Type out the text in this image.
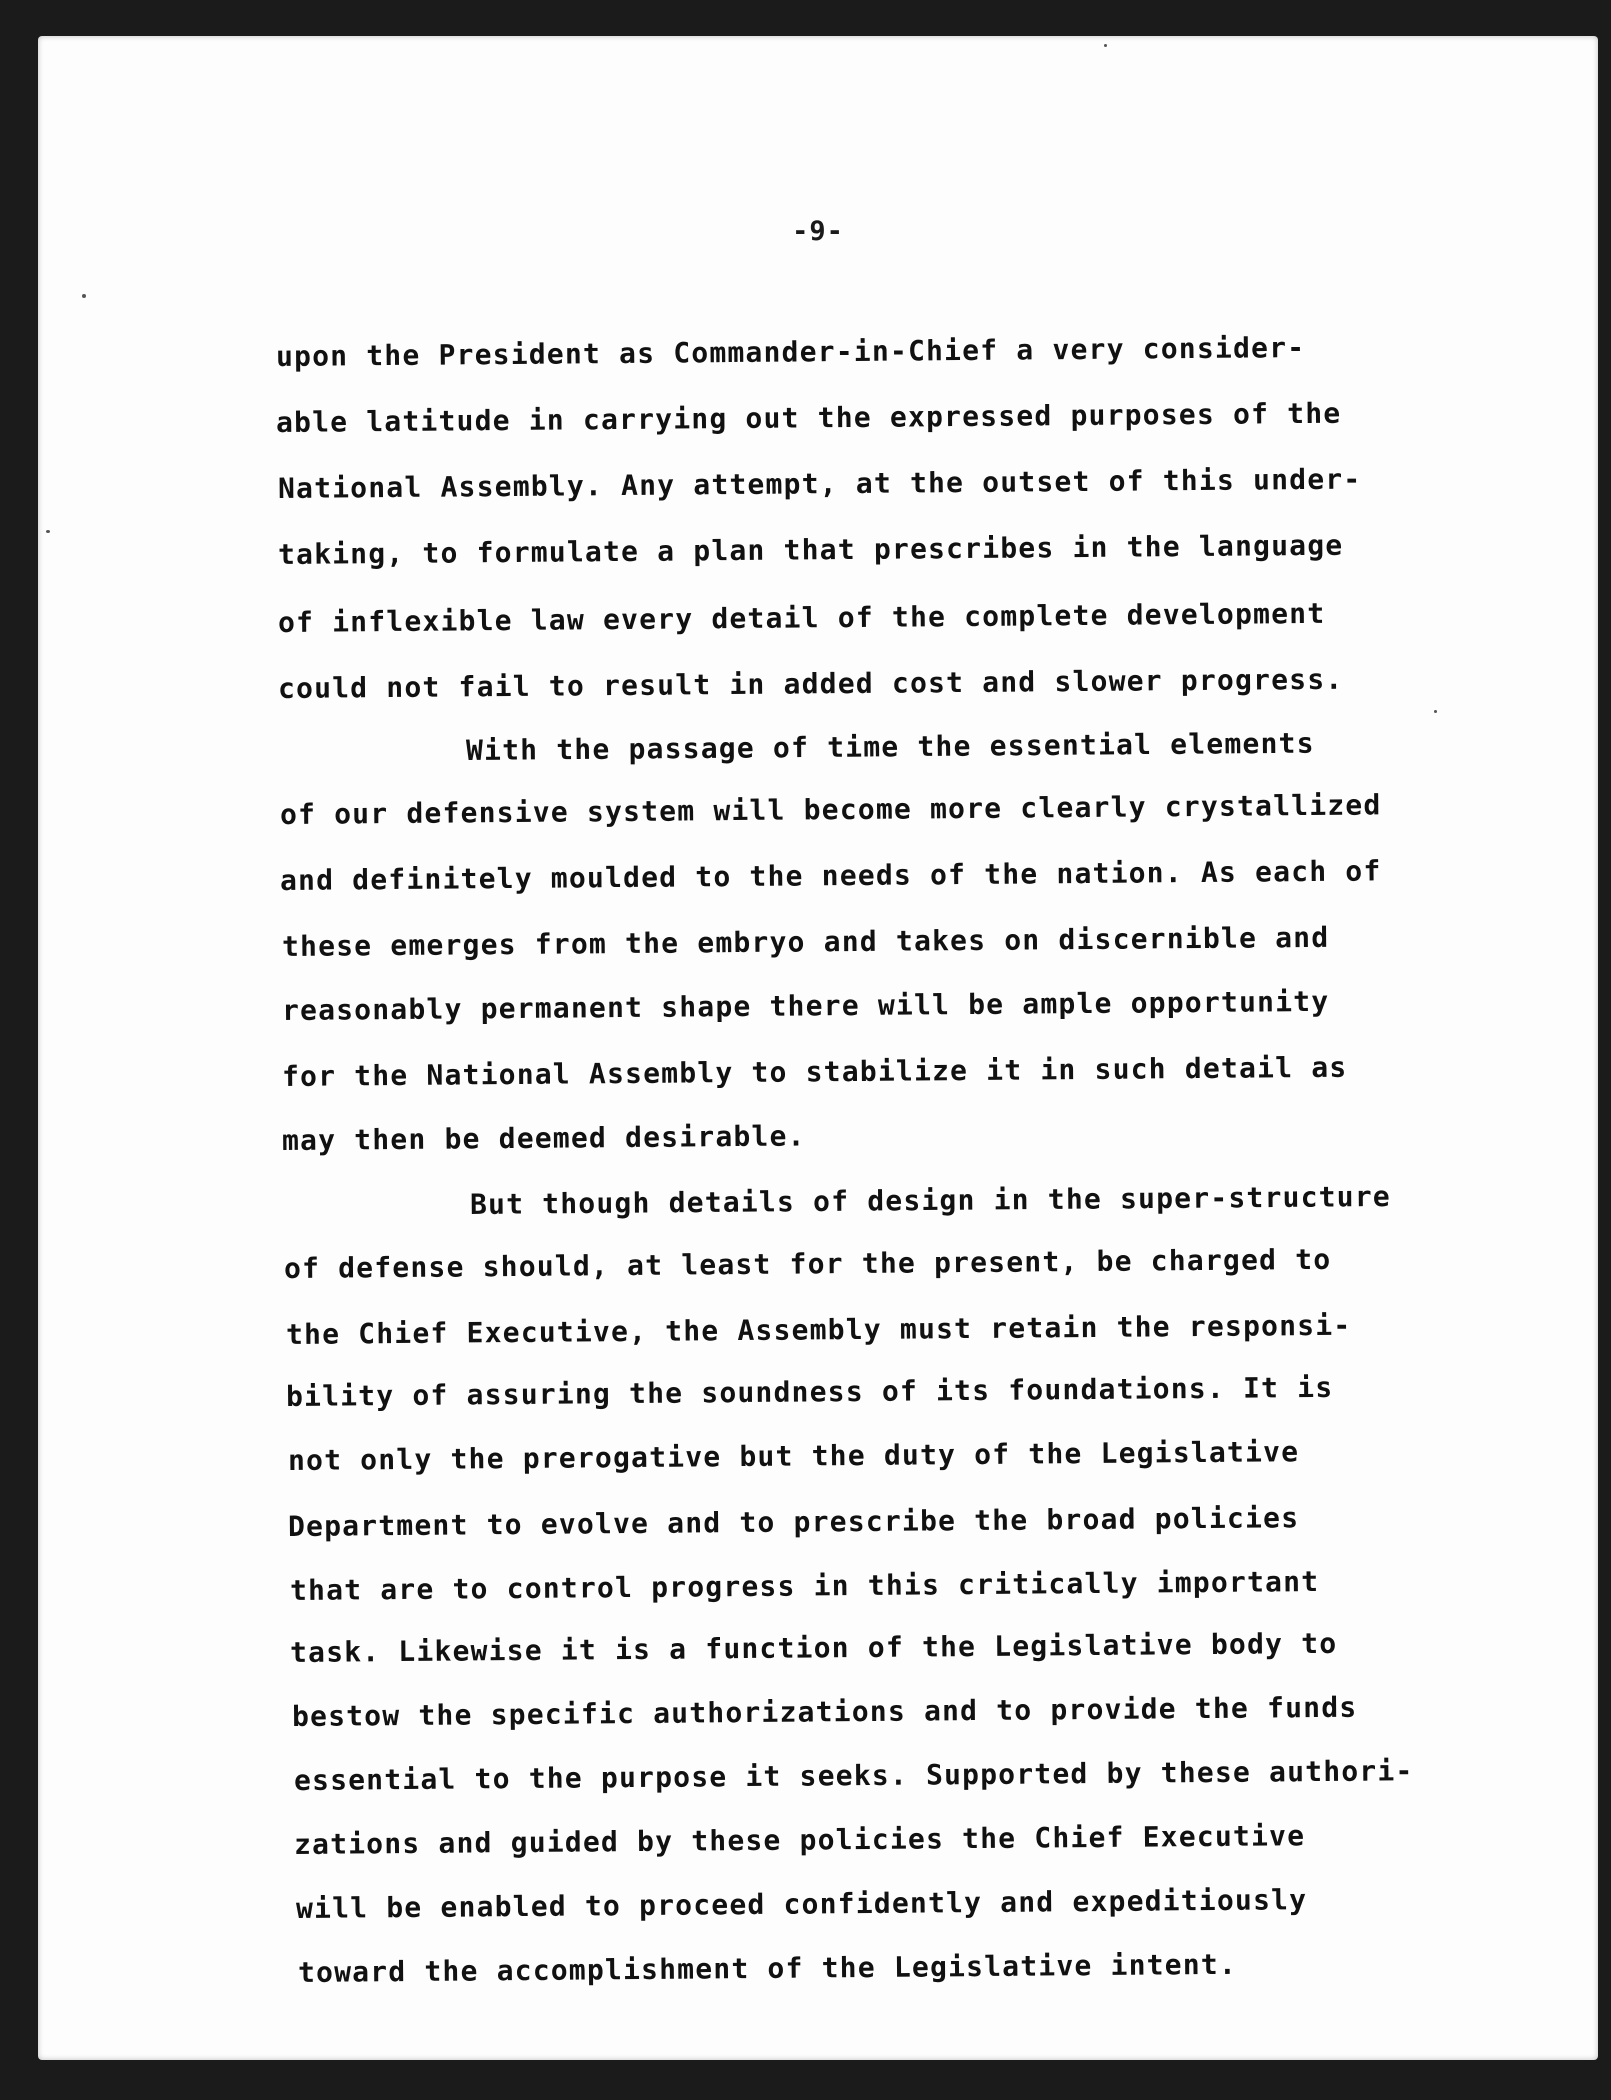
-9-
upon the President as Commander-in-Chief a very consider-
able latitude in carrying out the expressed purposes of the
National Assembly. Any attempt, at the outset of this under-
taking, to formulate a plan that prescribes in the language
of inflexible law every detail of the complete development
could not fail to result in added cost and slower progress.
With the passage of time the essential elements
of our defensive system will become more clearly crystallized
and definitely moulded to the needs of the nation. As each of
these emerges from the embryo and takes on discernible and
reasonably permanent shape there will be ample opportunity
for the National Assembly to stabilize it in such detail as
may then be deemed desirable.
But though details of design in the super-structure
of defense should, at least for the present, be charged to
the Chief Executive, the Assembly must retain the responsi-
bility of assuring the soundness of its foundations. It is
not only the prerogative but the duty of the Legislative
Department to evolve and to prescribe the broad policies
that are to control progress in this critically important
task. Likewise it is a function of the Legislative body to
bestow the specific authorizations and to provide the funds
essential to the purpose it seeks. Supported by these authori-
zations and guided by these policies the Chief Executive
will be enabled to proceed confidently and expeditiously
toward the accomplishment of the Legislative intent.
